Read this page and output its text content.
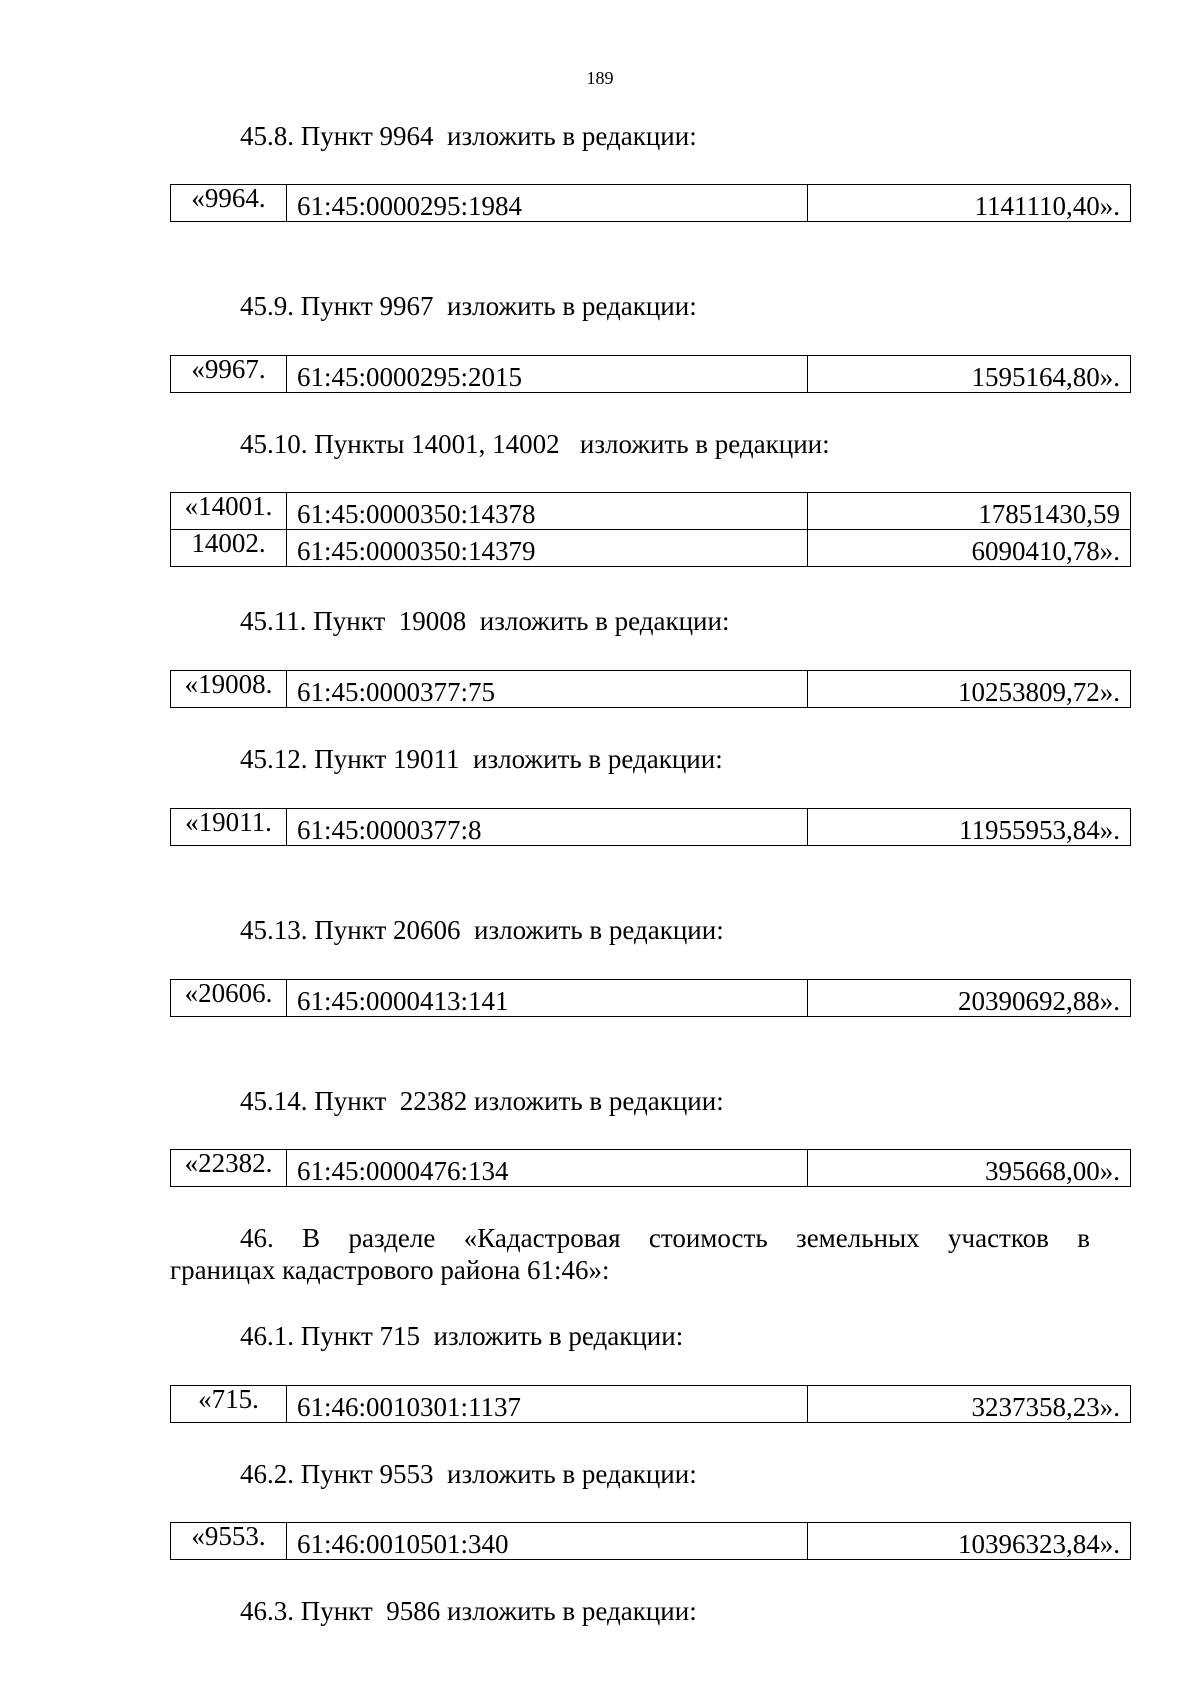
189
45.8. Пункт 9964  изложить в редакции:
«9964.	61:45:0000295:1984	1141110,40».
45.9. Пункт 9967  изложить в редакции:
«9967.	61:45:0000295:2015	1595164,80».
45.10. Пункты 14001, 14002   изложить в редакции:
«14001.	61:45:0000350:14378	17851430,59
14002.	61:45:0000350:14379	6090410,78».
45.11. Пункт  19008  изложить в редакции:
«19008.	61:45:0000377:75	10253809,72».
45.12. Пункт 19011  изложить в редакции:
«19011.	61:45:0000377:8	11955953,84».
45.13. Пункт 20606  изложить в редакции:
«20606.	61:45:0000413:141	20390692,88».
45.14. Пункт  22382 изложить в редакции:
«22382.	61:45:0000476:134	395668,00».
46. В разделе «Кадастровая стоимость земельных участков в
границах кадастрового района 61:46»:
46.1. Пункт 715  изложить в редакции:
«715.	61:46:0010301:1137	3237358,23».
46.2. Пункт 9553  изложить в редакции:
«9553.	61:46:0010501:340	10396323,84».
46.3. Пункт  9586 изложить в редакции:
